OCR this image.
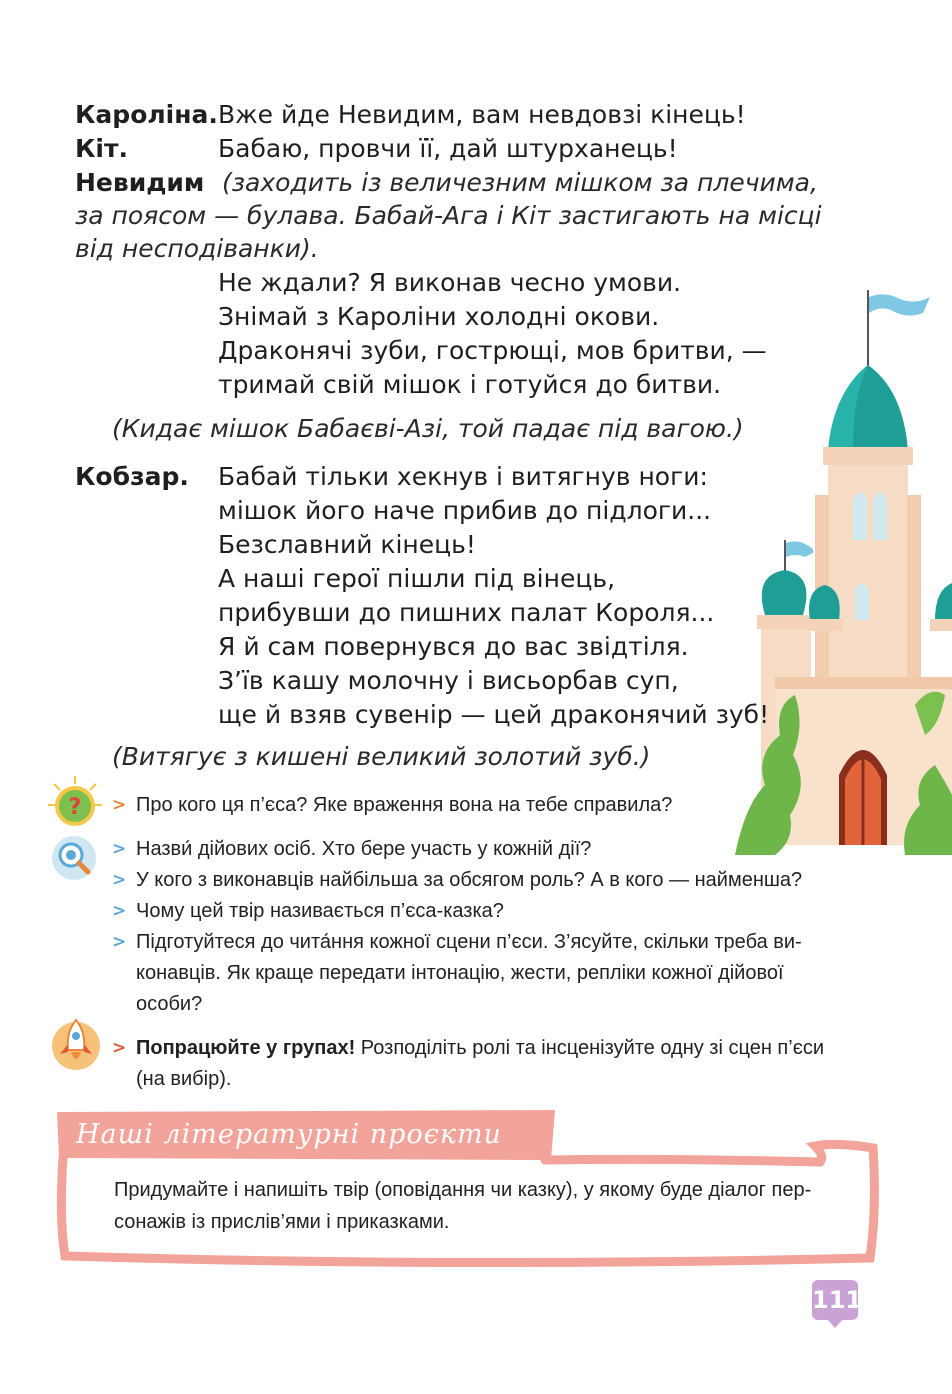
Кароліна. Вже йде Невидим, вам невдовзі кінець!
Кіт.	Бабаю, провчи її, дай штурханець!
Невидим (заходить із величезним мішком за плечима,
за поясом — булава. Бабай-Ага і Кіт застигають на місці
від несподіванки).
Не ждали? Я виконав чесно умови.
Знімай з Кароліни холодні окови.
Драконячі зуби, гострющі, мов бритви, —
тримай свій мішок і готуйся до битви.
(Кидає мішок Бабаєві-Азі, той падає під вагою.)
Кобзар. Бабай тільки хекнув і витягнув ноги:
мішок його наче прибив до підлоги...
Безславний кінець!
А наші герої пішли під вінець,
прибувши до пишних палат Короля...
Я й сам повернувся до вас звідтіля.
З’їв кашу молочну і висьорбав суп,
ще й взяв сувенір — цей драконячий зуб!
(Витягує з кишені великий золотий зуб.)
? > Про кого ця п’єса? Яке враження вона на тебе справила?
> Назви́ дійових осіб. Хто бере участь у кожній дії?
> У кого з виконавців найбільша за обсягом роль? А в кого — найменша?
> Чому цей твір називається п’єса-казка?
> Підготуйтеся до чита́ння кожної сцени п’єси. З’ясуйте, скільки треба ви-
конавців. Як краще передати інтонацію, жести, репліки кожної дійової
особи?
> Попрацюйте у групах! Розподіліть ролі та інсценізуйте одну зі сцен п’єси
(на вибір).
Наші літературні проєкти
Придумайте і напишіть твір (оповідання чи казку), у якому буде діалог пер-
сонажів із прислів’ями і приказками.
111
